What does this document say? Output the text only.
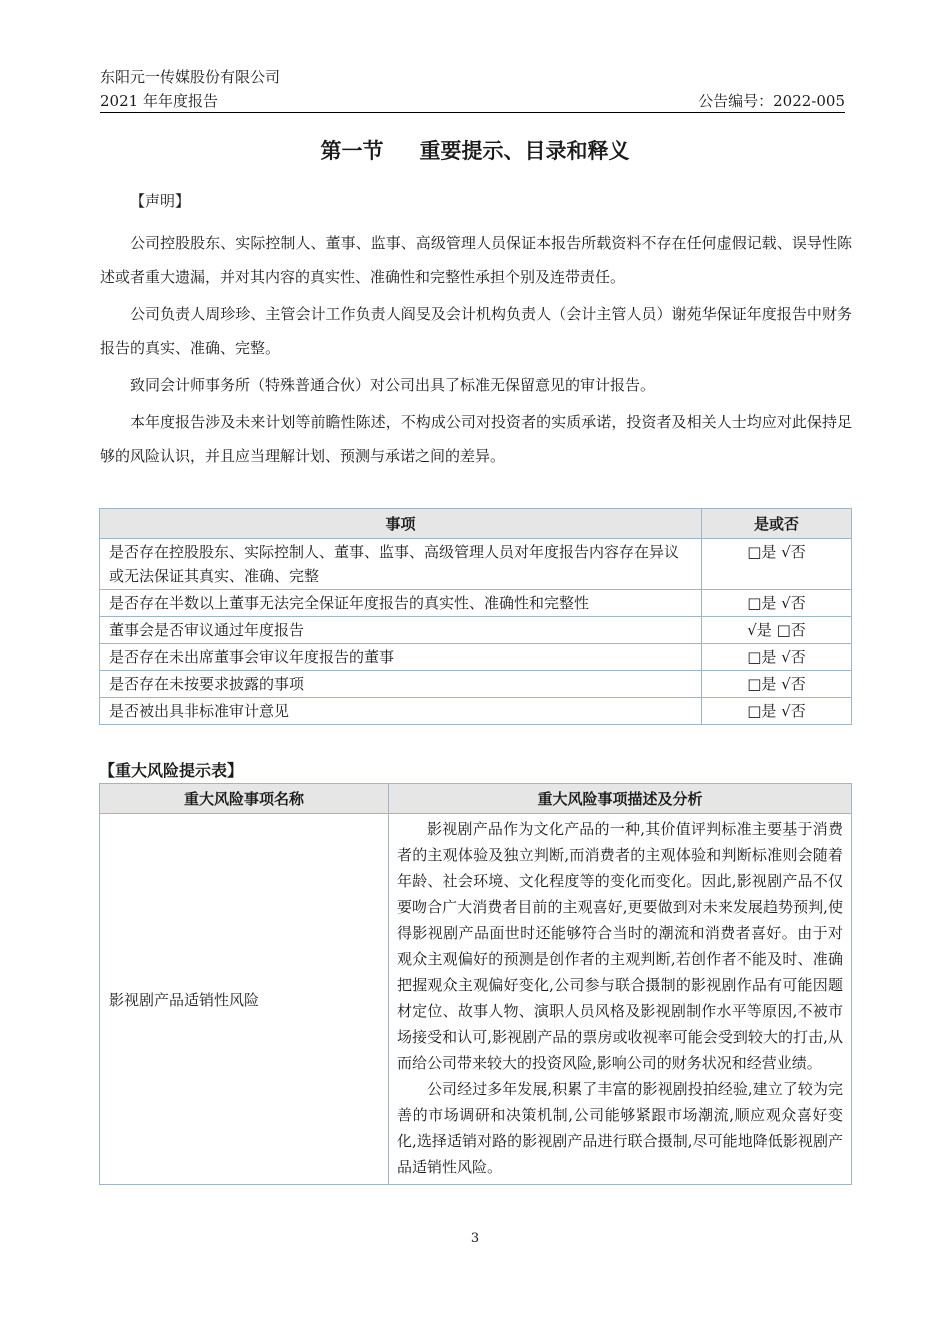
东阳元一传媒股份有限公司
2021 年年度报告	公告编号：2022-005
第一节 重要提示、目录和释义
【声明】

公司控股股东、实际控制人、董事、监事、高级管理人员保证本报告所载资料不存在任何虚假记载、误导性陈述或者重大遗漏，并对其内容的真实性、准确性和完整性承担个别及连带责任。

公司负责人周珍珍、主管会计工作负责人阎旻及会计机构负责人（会计主管人员）谢苑华保证年度报告中财务报告的真实、准确、完整。

致同会计师事务所（特殊普通合伙）对公司出具了标准无保留意见的审计报告。

本年度报告涉及未来计划等前瞻性陈述，不构成公司对投资者的实质承诺，投资者及相关人士均应对此保持足够的风险认识，并且应当理解计划、预测与承诺之间的差异。

事项	是或否
是否存在控股股东、实际控制人、董事、监事、高级管理人员对年度报告内容存在异议或无法保证其真实、准确、完整	□是 √否
是否存在半数以上董事无法完全保证年度报告的真实性、准确性和完整性	□是 √否
董事会是否审议通过年度报告	√是 □否
是否存在未出席董事会审议年度报告的董事	□是 √否
是否存在未按要求披露的事项	□是 √否
是否被出具非标准审计意见	□是 √否
【重大风险提示表】
重大风险事项名称	重大风险事项描述及分析
影视剧产品适销性风险	影视剧产品作为文化产品的一种,其价值评判标准主要基于消费者的主观体验及独立判断,而消费者的主观体验和判断标准则会随着年龄、社会环境、文化程度等的变化而变化。因此,影视剧产品不仅要吻合广大消费者目前的主观喜好,更要做到对未来发展趋势预判,使得影视剧产品面世时还能够符合当时的潮流和消费者喜好。由于对观众主观偏好的预测是创作者的主观判断,若创作者不能及时、准确把握观众主观偏好变化,公司参与联合摄制的影视剧作品有可能因题材定位、故事人物、演职人员风格及影视剧制作水平等原因,不被市场接受和认可,影视剧产品的票房或收视率可能会受到较大的打击,从而给公司带来较大的投资风险,影响公司的财务状况和经营业绩。

公司经过多年发展,积累了丰富的影视剧投拍经验,建立了较为完善的市场调研和决策机制,公司能够紧跟市场潮流,顺应观众喜好变化,选择适销对路的影视剧产品进行联合摄制,尽可能地降低影视剧产品适销性风险。

3
